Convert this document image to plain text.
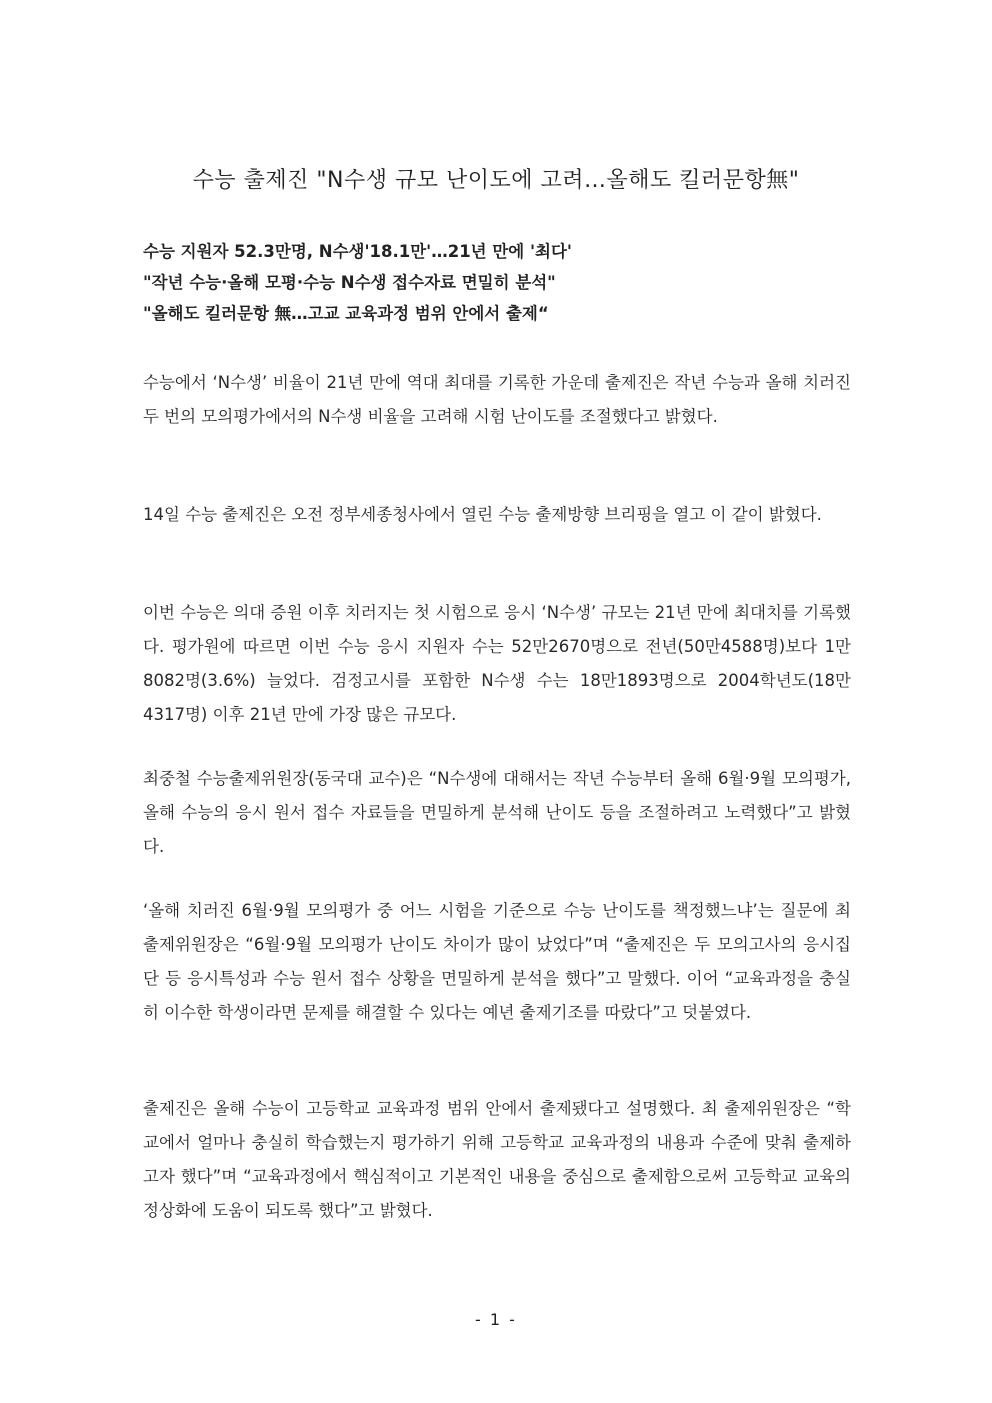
수능 출제진 "N수생 규모 난이도에 고려…올해도 킬러문항無"

수능 지원자 52.3만명, N수생'18.1만'…21년 만에 '최다'

"작년 수능·올해 모평·수능 N수생 접수자료 면밀히 분석"

"올해도 킬러문항 無…고교 교육과정 범위 안에서 출제“

수능에서 ‘N수생’ 비율이 21년 만에 역대 최대를 기록한 가운데 출제진은 작년 수능과 올해 치러진 두 번의 모의평가에서의 N수생 비율을 고려해 시험 난이도를 조절했다고 밝혔다.

14일 수능 출제진은 오전 정부세종청사에서 열린 수능 출제방향 브리핑을 열고 이 같이 밝혔다.

이번 수능은 의대 증원 이후 치러지는 첫 시험으로 응시 ‘N수생’ 규모는 21년 만에 최대치를 기록했다. 평가원에 따르면 이번 수능 응시 지원자 수는 52만2670명으로 전년(50만4588명)보다 1만8082명(3.6%) 늘었다. 검정고시를 포함한 N수생 수는 18만1893명으로 2004학년도(18만4317명) 이후 21년 만에 가장 많은 규모다.

최중철 수능출제위원장(동국대 교수)은 “N수생에 대해서는 작년 수능부터 올해 6월·9월 모의평가, 올해 수능의 응시 원서 접수 자료들을 면밀하게 분석해 난이도 등을 조절하려고 노력했다”고 밝혔다.

‘올해 치러진 6월·9월 모의평가 중 어느 시험을 기준으로 수능 난이도를 책정했느냐’는 질문에 최 출제위원장은 “6월·9월 모의평가 난이도 차이가 많이 났었다”며 “출제진은 두 모의고사의 응시집단 등 응시특성과 수능 원서 접수 상황을 면밀하게 분석을 했다”고 말했다. 이어 “교육과정을 충실히 이수한 학생이라면 문제를 해결할 수 있다는 예년 출제기조를 따랐다”고 덧붙였다.

출제진은 올해 수능이 고등학교 교육과정 범위 안에서 출제됐다고 설명했다. 최 출제위원장은 “학교에서 얼마나 충실히 학습했는지 평가하기 위해 고등학교 교육과정의 내용과 수준에 맞춰 출제하고자 했다”며 “교육과정에서 핵심적이고 기본적인 내용을 중심으로 출제함으로써 고등학교 교육의 정상화에 도움이 되도록 했다”고 밝혔다.

- 1 -
